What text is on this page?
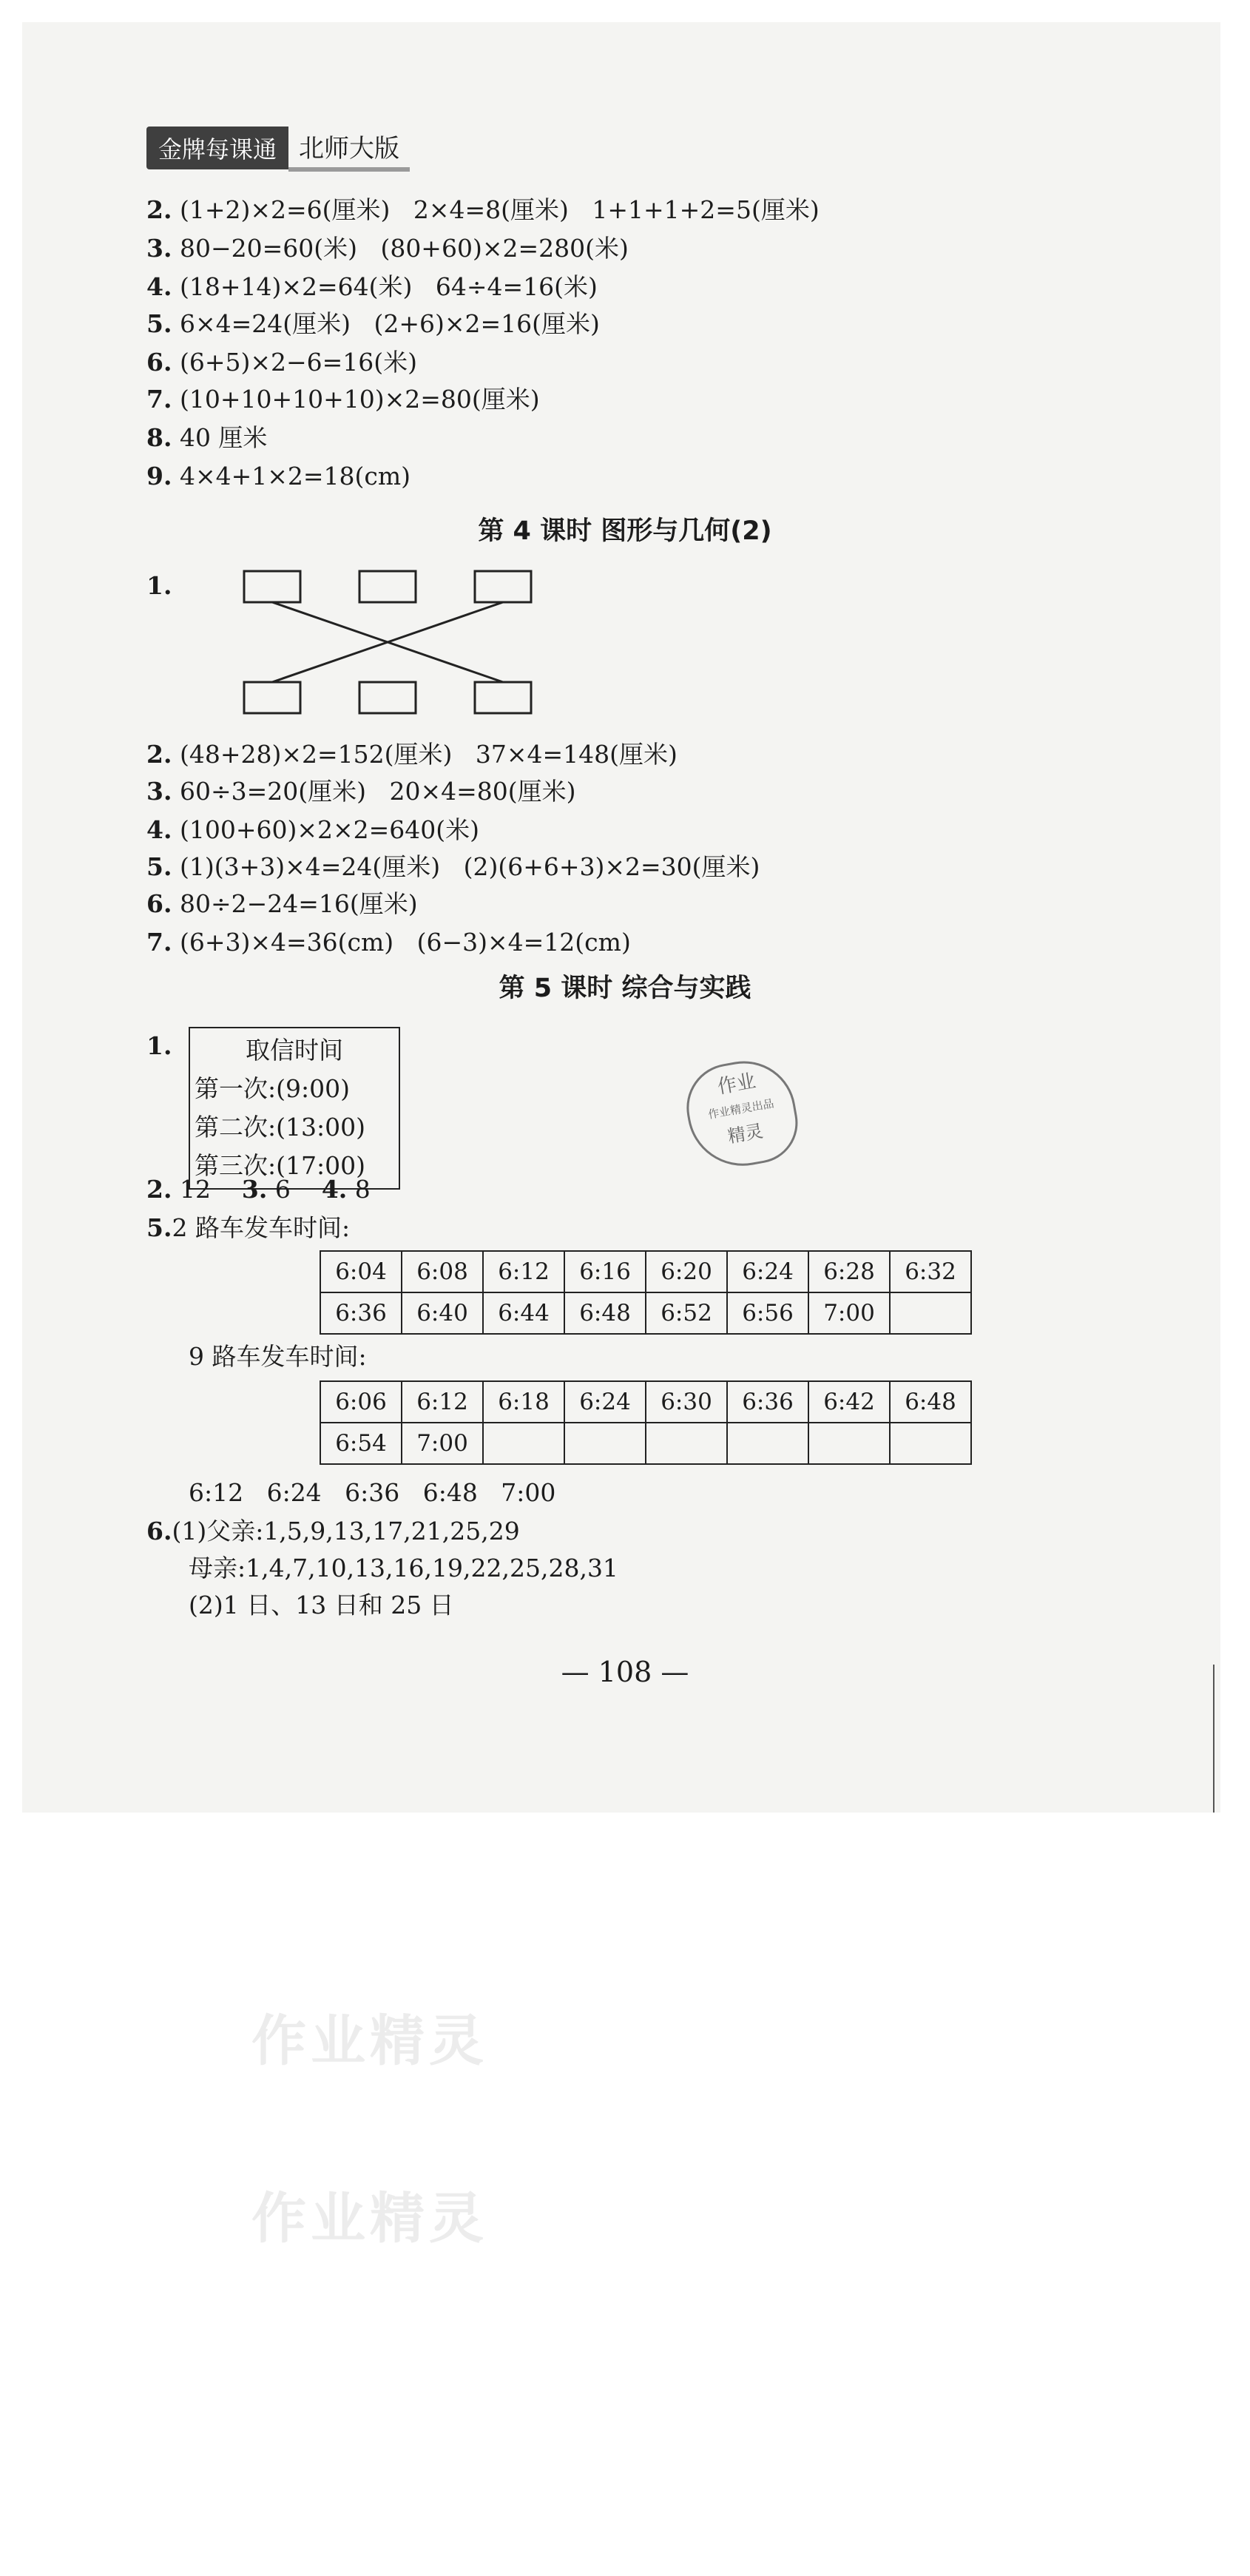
金牌每课通 北师大版
2. (1+2)×2=6(厘米)   2×4=8(厘米)   1+1+1+2=5(厘米)
3. 80−20=60(米)   (80+60)×2=280(米)
4. (18+14)×2=64(米)   64÷4=16(米)
5. 6×4=24(厘米)   (2+6)×2=16(厘米)
6. (6+5)×2−6=16(米)
7. (10+10+10+10)×2=80(厘米)
8. 40 厘米
9. 4×4+1×2=18(cm)
第 4 课时 图形与几何(2)
1.
2. (48+28)×2=152(厘米)   37×4=148(厘米)
3. 60÷3=20(厘米)   20×4=80(厘米)
4. (100+60)×2×2=640(米)
5. (1)(3+3)×4=24(厘米)   (2)(6+6+3)×2=30(厘米)
6. 80÷2−24=16(厘米)
7. (6+3)×4=36(cm)   (6−3)×4=12(cm)
第 5 课时 综合与实践
1.	取信时间
第一次:(9:00)
第二次:(13:00)
第三次:(17:00)
作业
作业精灵出品
精灵
2. 12 3. 6 4. 8
5.2 路车发车时间:
6:04	6:08	6:12	6:16	6:20	6:24	6:28	6:32
6:36	6:40	6:44	6:48	6:52	6:56	7:00	
9 路车发车时间:
6:06	6:12	6:18	6:24	6:30	6:36	6:42	6:48
6:54	7:00						
6:12   6:24   6:36   6:48   7:00
6.(1)父亲:1,5,9,13,17,21,25,29
母亲:1,4,7,10,13,16,19,22,25,28,31
(2)1 日、13 日和 25 日
— 108 —
作业精灵
作业精灵
